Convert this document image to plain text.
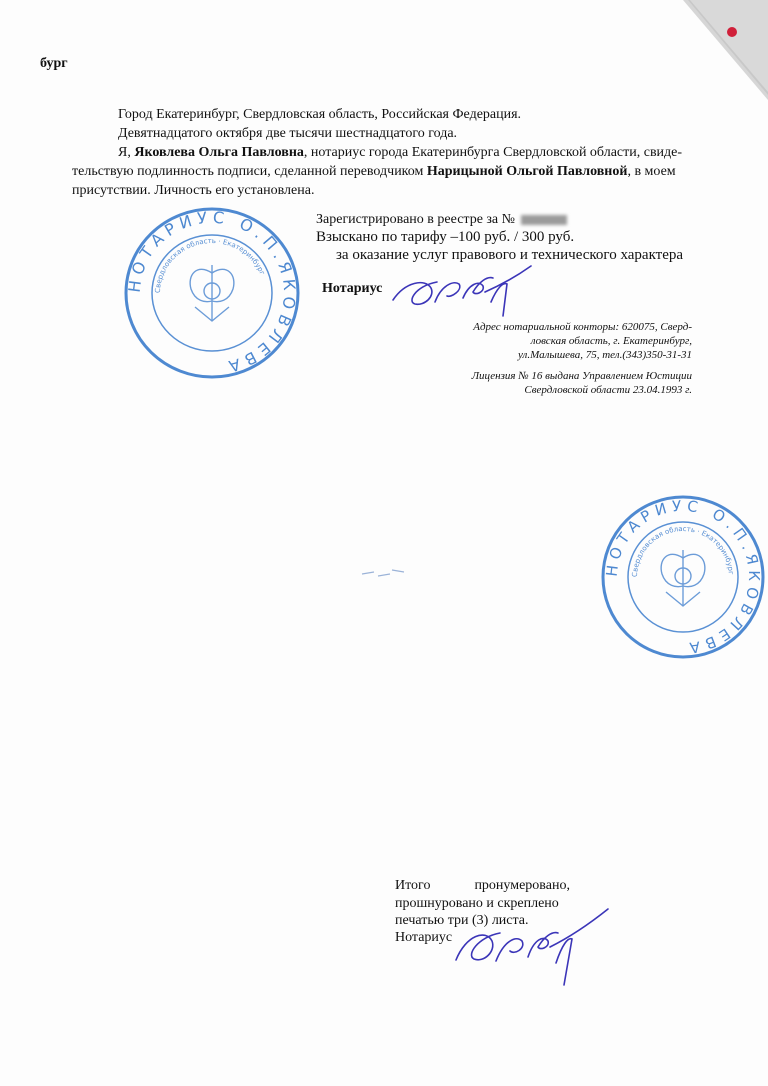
бург
Город Екатеринбург, Свердловская область, Российская Федерация.
Девятнадцатого октября две тысячи шестнадцатого года.
Я, Яковлева Ольга Павловна, нотариус города Екатеринбурга Свердловской области, свиде-
тельствую подлинность подписи, сделанной переводчиком Нарицыной Ольгой Павловной, в моем
присутствии. Личность его установлена.
Зарегистрировано в реестре за №
Взыскано по тарифу –100 руб. / 300 руб.
за оказание услуг правового и технического характера
Нотариус
Адрес нотариальной конторы: 620075, Сверд-
ловская область, г. Екатеринбург,
ул.Малышева, 75, тел.(343)350-31-31
Лицензия № 16 выдана Управлением Юстиции
Свердловской области 23.04.1993 г.
НОТАРИУС О.П.ЯКОВЛЕВА
Свердловская область · Екатеринбург
НОТАРИУС О.П.ЯКОВЛЕВА
Свердловская область · Екатеринбург
Итого	пронумеровано,
прошнуровано и скреплено
печатью три (3) листа.
Нотариус
